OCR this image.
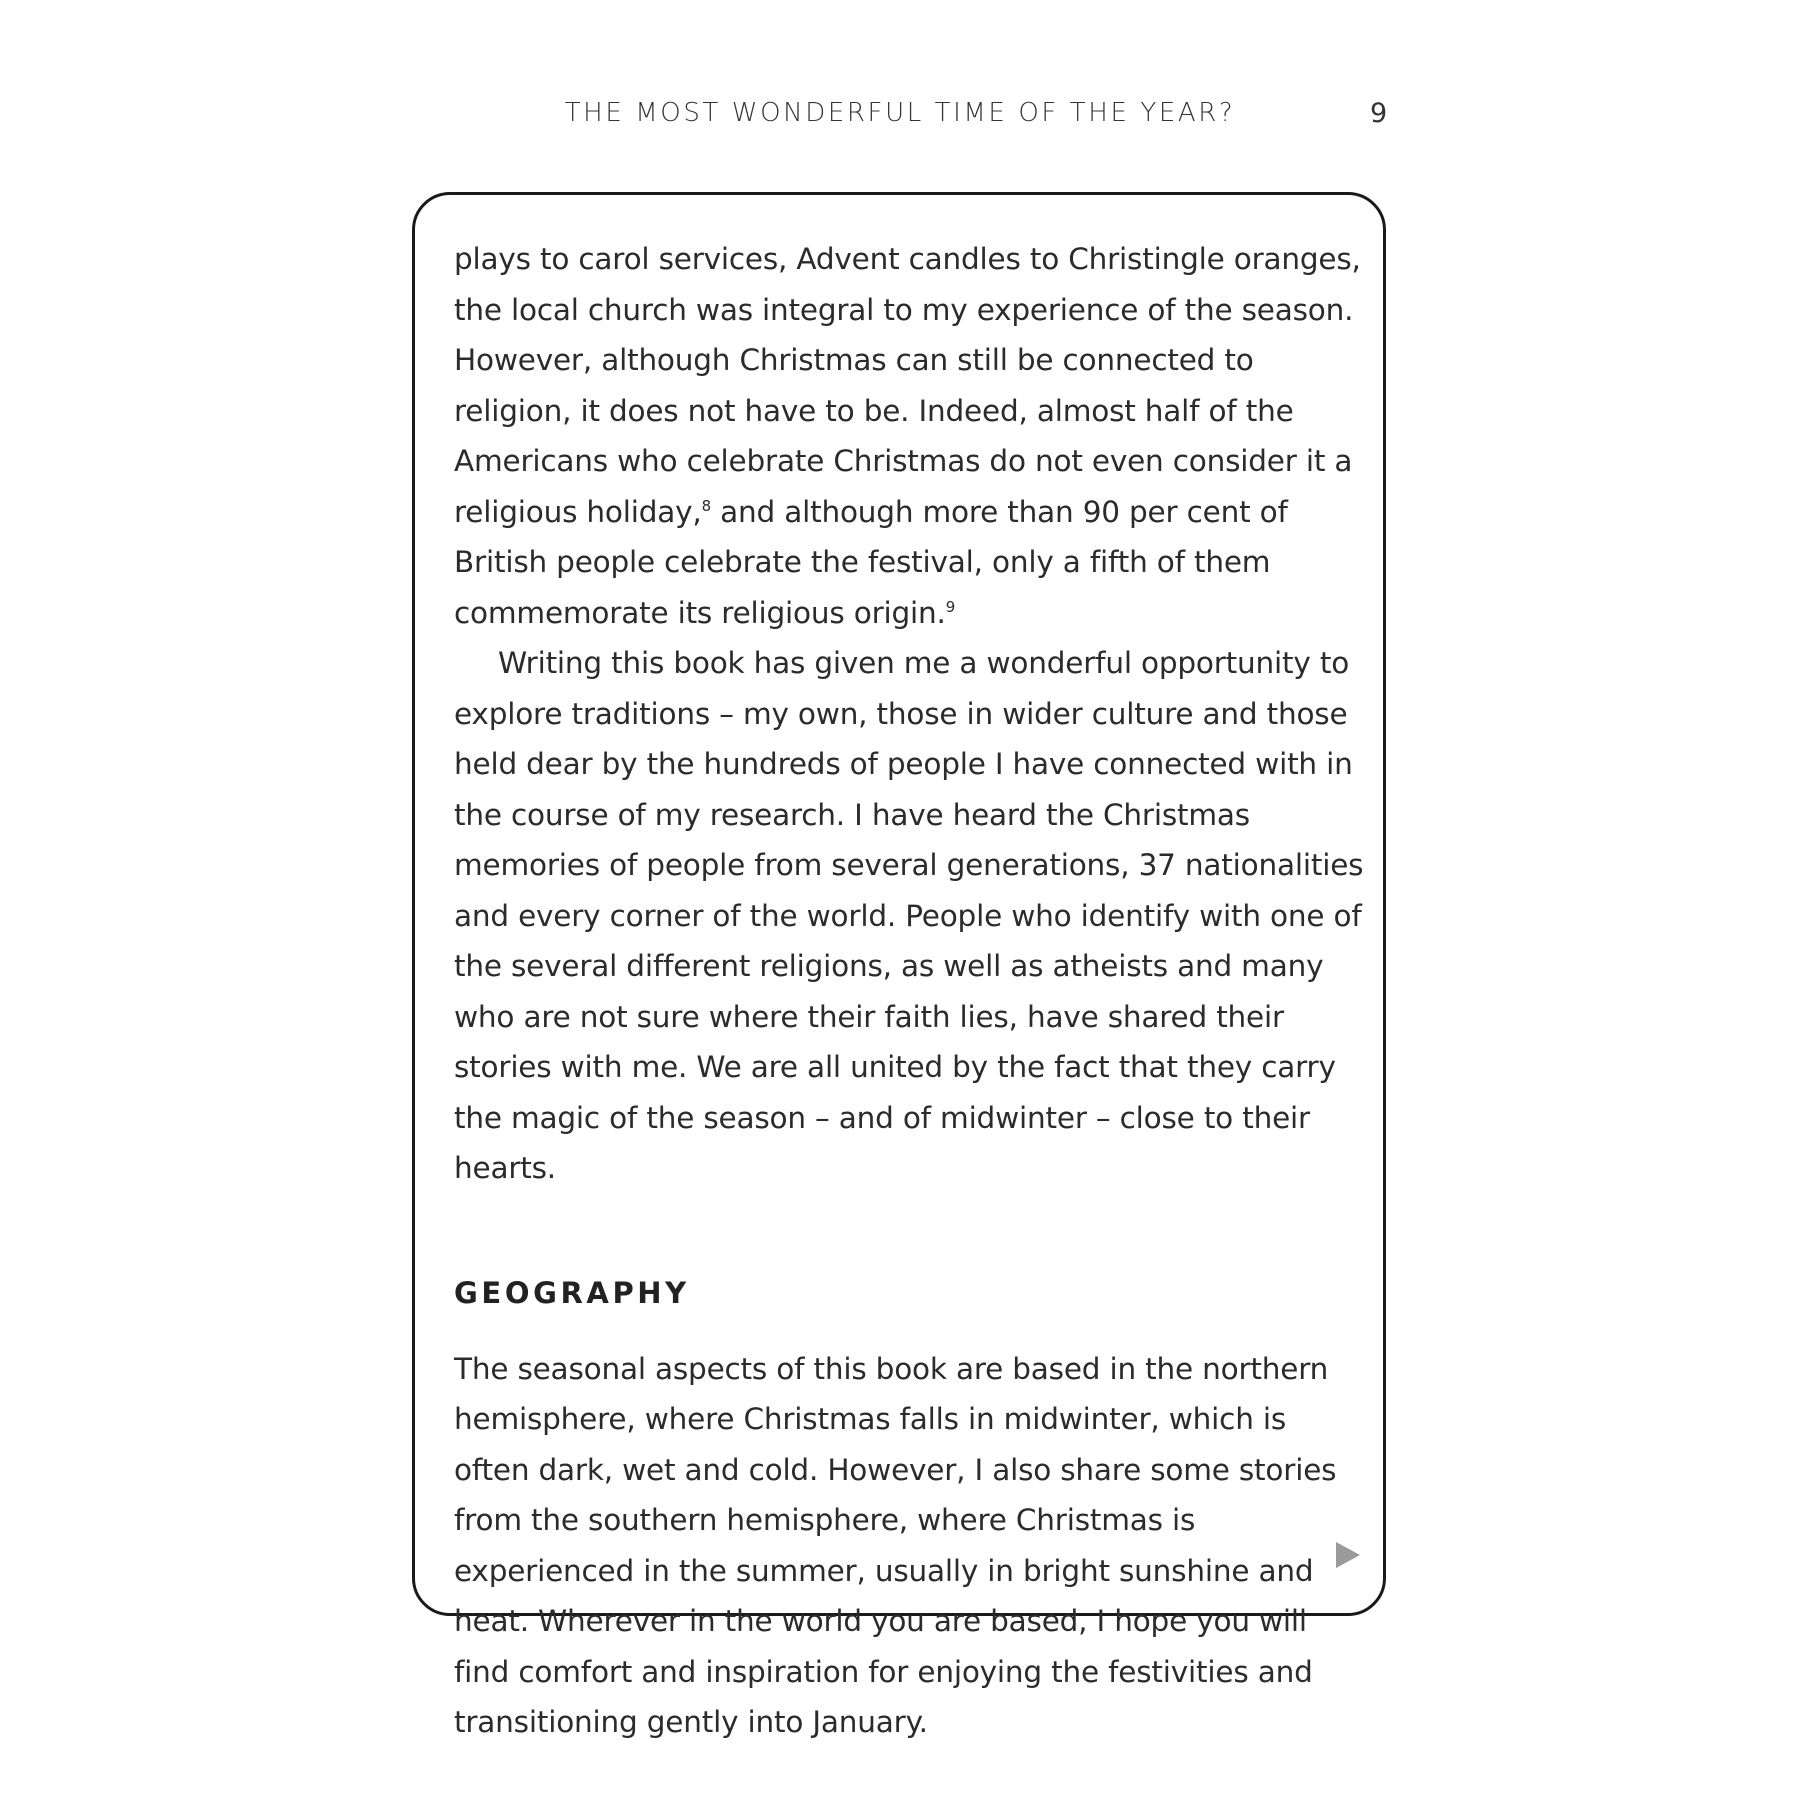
THE MOST WONDERFUL TIME OF THE YEAR?	9

plays to carol services, Advent candles to Christingle oranges, the local church was integral to my experience of the season. However, although Christmas can still be connected to religion, it does not have to be. Indeed, almost half of the Americans who celebrate Christmas do not even consider it a religious holiday,$^8$ and although more than 90 per cent of British people celebrate the festival, only a fifth of them commemorate its religious origin.$^9$

Writing this book has given me a wonderful opportunity to explore traditions – my own, those in wider culture and those held dear by the hundreds of people I have connected with in the course of my research. I have heard the Christmas memories of people from several generations, 37 nationalities and every corner of the world. People who identify with one of the several different religions, as well as atheists and many who are not sure where their faith lies, have shared their stories with me. We are all united by the fact that they carry the magic of the season – and of midwinter – close to their hearts.

GEOGRAPHY

The seasonal aspects of this book are based in the northern hemisphere, where Christmas falls in midwinter, which is often dark, wet and cold. However, I also share some stories from the southern hemisphere, where Christmas is experienced in the summer, usually in bright sunshine and heat. Wherever in the world you are based, I hope you will find comfort and inspiration for enjoying the festivities and transitioning gently into January.
